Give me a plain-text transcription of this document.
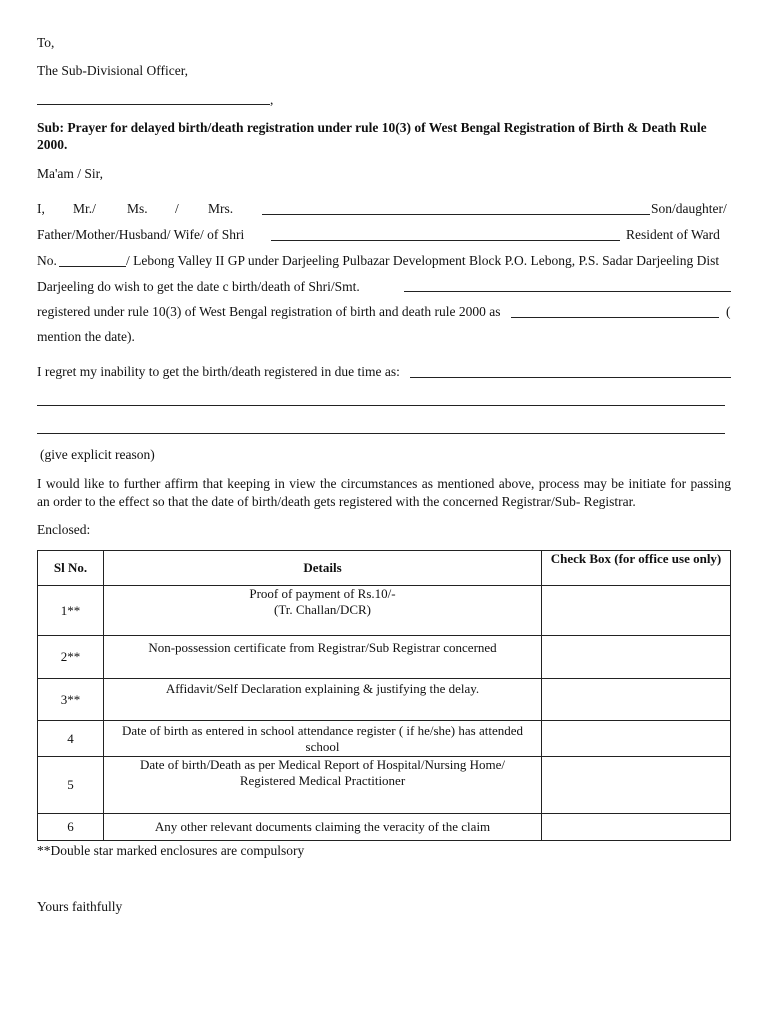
To,
The Sub-Divisional Officer,
,
Sub: Prayer for delayed birth/death registration under rule 10(3) of West Bengal Registration of Birth & Death Rule
2000.
Ma'am / Sir,
I, Mr./ Ms. / Mrs.	Son/daughter/
Father/Mother/Husband/ Wife/ of Shri	Resident of Ward
No.	/ Lebong Valley II GP under Darjeeling Pulbazar Development Block P.O. Lebong, P.S. Sadar Darjeeling Dist
Darjeeling do wish to get the date c birth/death of Shri/Smt.
registered under rule 10(3) of West Bengal registration of birth and death rule 2000 as	(
mention the date).
I regret my inability to get the birth/death registered in due time as:
(give explicit reason)
I would like to further affirm that keeping in view the circumstances as mentioned above, process may be initiate for passing
an order to the effect so that the date of birth/death gets registered with the concerned Registrar/Sub- Registrar.
Enclosed:
Sl No.	Details	Check Box (for office use only)
1**	Proof of payment of Rs.10/-
(Tr. Challan/DCR)	
2**	Non-possession certificate from Registrar/Sub Registrar concerned	
3**	Affidavit/Self Declaration explaining & justifying the delay.	
4	Date of birth as entered in school attendance register ( if he/she) has attended
school	
5	Date of birth/Death as per Medical Report of Hospital/Nursing Home/
Registered Medical Practitioner	
6	Any other relevant documents claiming the veracity of the claim	
**Double star marked enclosures are compulsory
Yours faithfully
